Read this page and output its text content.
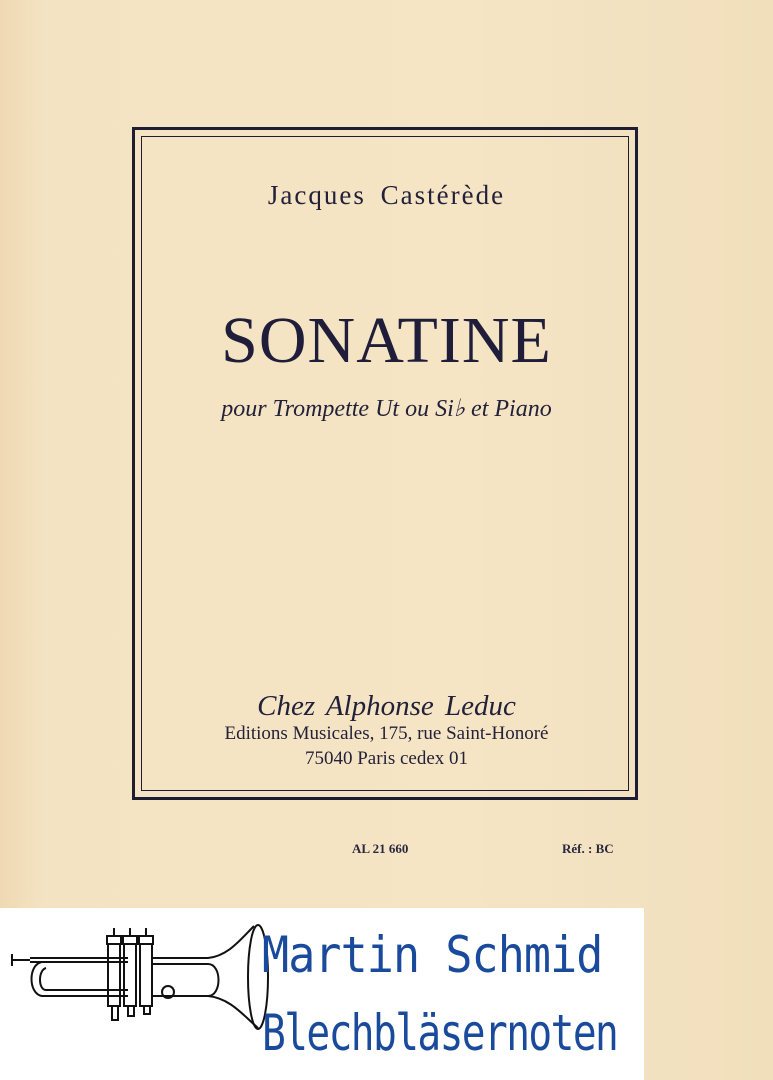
Jacques Castérède
SONATINE
pour Trompette Ut ou Si♭ et Piano
Chez Alphonse Leduc
Editions Musicales, 175, rue Saint-Honoré
75040 Paris cedex 01
AL 21 660	Réf. : BC
Martin Schmid
Blechbläsernoten
